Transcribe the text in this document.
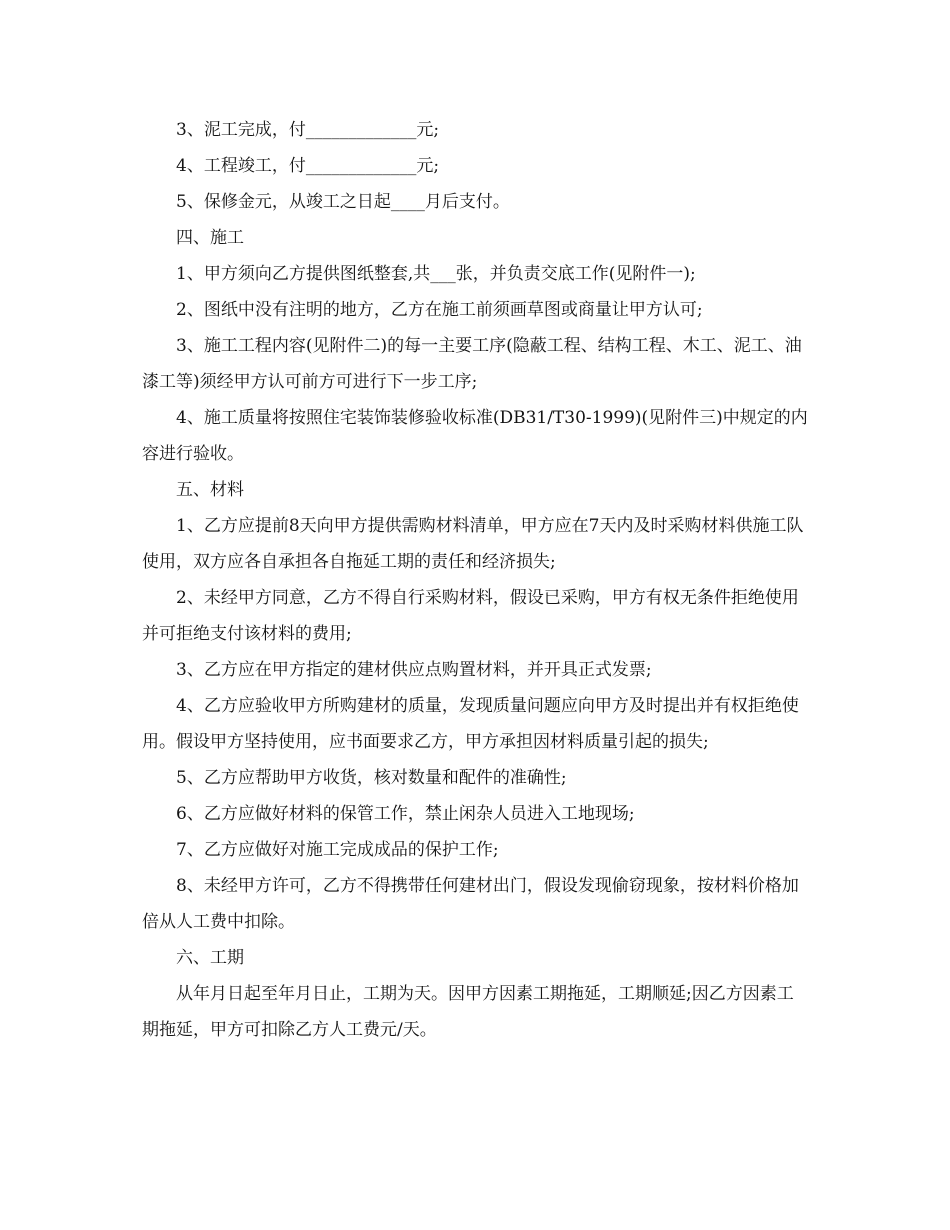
3、泥工完成，付_____________元;

4、工程竣工，付_____________元;

5、保修金元，从竣工之日起____月后支付。

四、施工

1、甲方须向乙方提供图纸整套,共___张，并负责交底工作(见附件一);

2、图纸中没有注明的地方，乙方在施工前须画草图或商量让甲方认可;

3、施工工程内容(见附件二)的每一主要工序(隐蔽工程、结构工程、木工、泥工、油漆工等)须经甲方认可前方可进行下一步工序;

4、施工质量将按照住宅装饰装修验收标准(DB31/T30-1999)(见附件三)中规定的内容进行验收。

五、材料

1、乙方应提前8天向甲方提供需购材料清单，甲方应在7天内及时采购材料供施工队使用，双方应各自承担各自拖延工期的责任和经济损失;

2、未经甲方同意，乙方不得自行采购材料，假设已采购，甲方有权无条件拒绝使用并可拒绝支付该材料的费用;

3、乙方应在甲方指定的建材供应点购置材料，并开具正式发票;

4、乙方应验收甲方所购建材的质量，发现质量问题应向甲方及时提出并有权拒绝使用。假设甲方坚持使用，应书面要求乙方，甲方承担因材料质量引起的损失;

5、乙方应帮助甲方收货，核对数量和配件的准确性;

6、乙方应做好材料的保管工作，禁止闲杂人员进入工地现场;

7、乙方应做好对施工完成成品的保护工作;

8、未经甲方许可，乙方不得携带任何建材出门，假设发现偷窃现象，按材料价格加倍从人工费中扣除。

六、工期

从年月日起至年月日止，工期为天。因甲方因素工期拖延，工期顺延;因乙方因素工期拖延，甲方可扣除乙方人工费元/天。
